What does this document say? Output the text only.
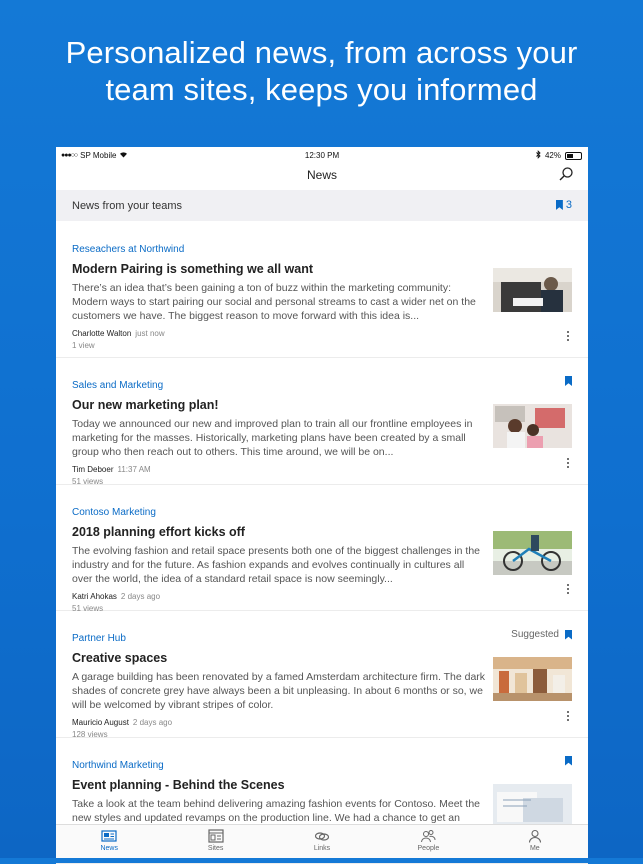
Personalized news, from across your
team sites, keeps you informed
●●●○○ SP Mobile	12:30 PM	42%
News
News from your teams	3
Reseachers at Northwind
Modern Pairing is something we all want
There’s an idea that’s been gaining a ton of buzz within the marketing community: Modern ways to start pairing our social and personal streams to cast a wider net on the customers we have. The biggest reason to move forward with this idea is...
Charlotte Walton just now
1 view
Sales and Marketing
Our new marketing plan!
Today we announced our new and improved plan to train all our frontline employees in marketing for the masses. Historically, marketing plans have been created by a small group who then reach out to others. This time around, we will be on...
Tim Deboer 11:37 AM
51 views
Contoso Marketing
2018 planning effort kicks off
The evolving fashion and retail space presents both one of the biggest challenges in the industry and for the future. As fashion expands and evolves continually in cultures all over the world, the idea of a standard retail space is now seemingly...
Katri Ahokas 2 days ago
51 views
Partner Hub	Suggested
Creative spaces
A garage building has been renovated by a famed Amsterdam architecture firm. The dark shades of concrete grey have always been a bit unpleasing. In about 6 months or so, we will be welcomed by vibrant stripes of color.
Mauricio August 2 days ago
128 views
Northwind Marketing
Event planning - Behind the Scenes
Take a look at the team behind delivering amazing fashion events for Contoso. Meet the new styles and updated revamps on the production line. We had a chance to get an
News	Sites	Links	People	Me
